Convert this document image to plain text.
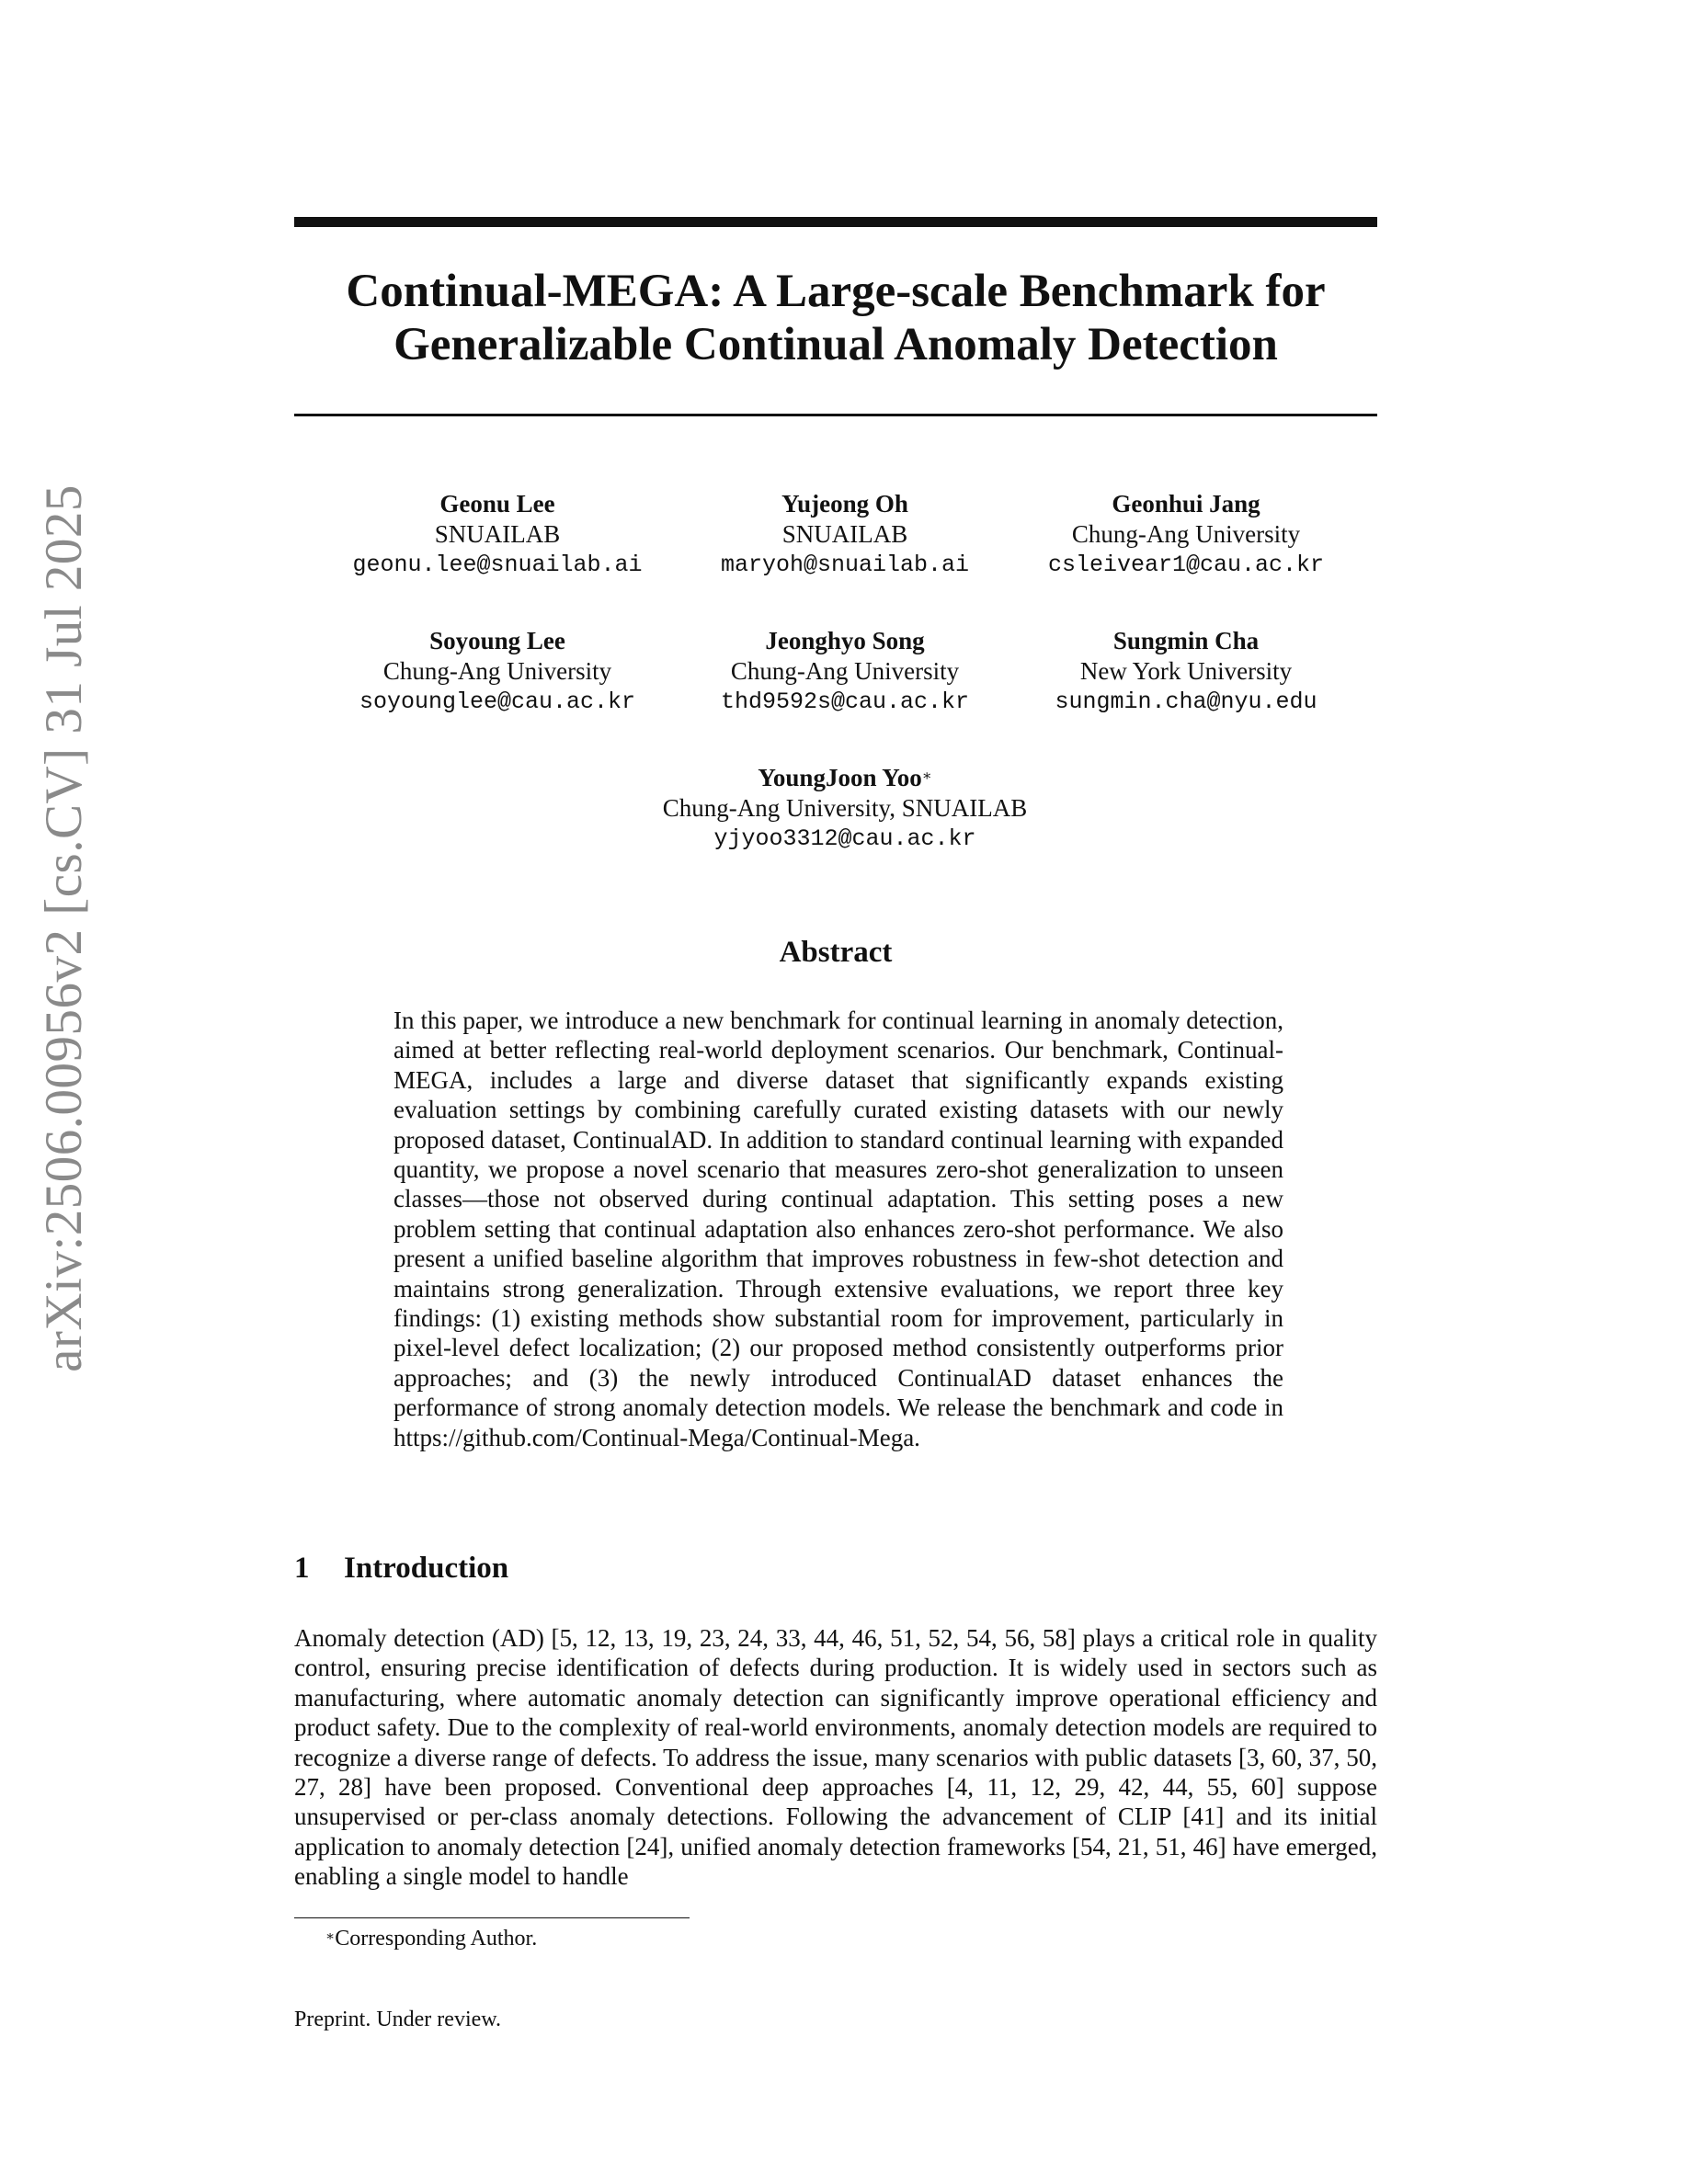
arXiv:2506.00956v2 [cs.CV] 31 Jul 2025
Continual-MEGA: A Large-scale Benchmark for
Generalizable Continual Anomaly Detection
Geonu Lee
SNUAILAB
geonu.lee@snuailab.ai
Yujeong Oh
SNUAILAB
maryoh@snuailab.ai
Geonhui Jang
Chung-Ang University
csleivear1@cau.ac.kr
Soyoung Lee
Chung-Ang University
soyounglee@cau.ac.kr
Jeonghyo Song
Chung-Ang University
thd9592s@cau.ac.kr
Sungmin Cha
New York University
sungmin.cha@nyu.edu
YoungJoon Yoo∗
Chung-Ang University, SNUAILAB
yjyoo3312@cau.ac.kr
Abstract
In this paper, we introduce a new benchmark for continual learning in anomaly detection, aimed at better reflecting real-world deployment scenarios. Our benchmark, Continual-MEGA, includes a large and diverse dataset that significantly expands existing evaluation settings by combining carefully curated existing datasets with our newly proposed dataset, ContinualAD. In addition to standard continual learning with expanded quantity, we propose a novel scenario that measures zero-shot generalization to unseen classes—those not observed during continual adaptation. This setting poses a new problem setting that continual adaptation also enhances zero-shot performance. We also present a unified baseline algorithm that improves robustness in few-shot detection and maintains strong generalization. Through extensive evaluations, we report three key findings: (1) existing methods show substantial room for improvement, particularly in pixel-level defect localization; (2) our proposed method consistently outperforms prior approaches; and (3) the newly introduced ContinualAD dataset enhances the performance of strong anomaly detection models. We release the benchmark and code in https://github.com/Continual-Mega/Continual-Mega.
1 Introduction
Anomaly detection (AD) [5, 12, 13, 19, 23, 24, 33, 44, 46, 51, 52, 54, 56, 58] plays a critical role in quality control, ensuring precise identification of defects during production. It is widely used in sectors such as manufacturing, where automatic anomaly detection can significantly improve operational efficiency and product safety. Due to the complexity of real-world environments, anomaly detection models are required to recognize a diverse range of defects. To address the issue, many scenarios with public datasets [3, 60, 37, 50, 27, 28] have been proposed. Conventional deep approaches [4, 11, 12, 29, 42, 44, 55, 60] suppose unsupervised or per-class anomaly detections. Following the advancement of CLIP [41] and its initial application to anomaly detection [24], unified anomaly detection frameworks [54, 21, 51, 46] have emerged, enabling a single model to handle
∗Corresponding Author.
Preprint. Under review.
